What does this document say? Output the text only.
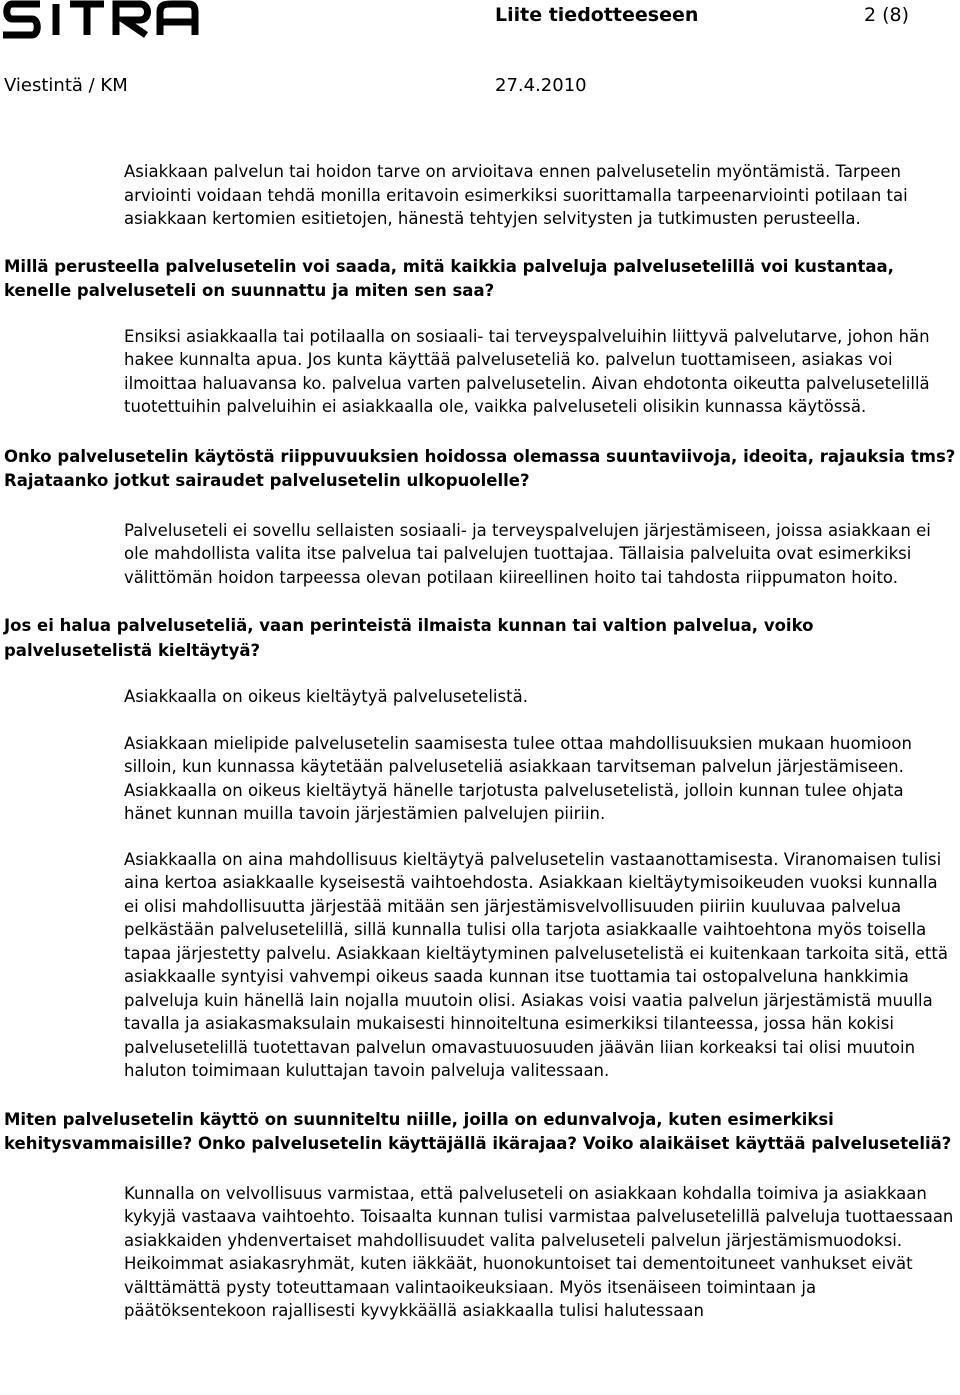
Liite tiedotteeseen	2 (8)
Viestintä / KM	27.4.2010

Asiakkaan palvelun tai hoidon tarve on arvioitava ennen palvelusetelin myöntämistä. Tarpeen arviointi voidaan tehdä monilla eritavoin esimerkiksi suorittamalla tarpeenarviointi potilaan tai asiakkaan kertomien esitietojen, hänestä tehtyjen selvitysten ja tutkimusten perusteella.

Millä perusteella palvelusetelin voi saada, mitä kaikkia palveluja palvelusetelillä voi kustantaa, kenelle palveluseteli on suunnattu ja miten sen saa?

Ensiksi asiakkaalla tai potilaalla on sosiaali- tai terveyspalveluihin liittyvä palvelutarve, johon hän hakee kunnalta apua. Jos kunta käyttää palveluseteliä ko. palvelun tuottamiseen, asiakas voi ilmoittaa haluavansa ko. palvelua varten palvelusetelin. Aivan ehdotonta oikeutta palvelusetelillä tuotettuihin palveluihin ei asiakkaalla ole, vaikka palveluseteli olisikin kunnassa käytössä.

Onko palvelusetelin käytöstä riippuvuuksien hoidossa olemassa suuntaviivoja, ideoita, rajauksia tms? Rajataanko jotkut sairaudet palvelusetelin ulkopuolelle?

Palveluseteli ei sovellu sellaisten sosiaali- ja terveyspalvelujen järjestämiseen, joissa asiakkaan ei ole mahdollista valita itse palvelua tai palvelujen tuottajaa. Tällaisia palveluita ovat esimerkiksi välittömän hoidon tarpeessa olevan potilaan kiireellinen hoito tai tahdosta riippumaton hoito.

Jos ei halua palveluseteliä, vaan perinteistä ilmaista kunnan tai valtion palvelua, voiko palvelusetelistä kieltäytyä?

Asiakkaalla on oikeus kieltäytyä palvelusetelistä.

Asiakkaan mielipide palvelusetelin saamisesta tulee ottaa mahdollisuuksien mukaan huomioon silloin, kun kunnassa käytetään palveluseteliä asiakkaan tarvitseman palvelun järjestämiseen. Asiakkaalla on oikeus kieltäytyä hänelle tarjotusta palvelusetelistä, jolloin kunnan tulee ohjata hänet kunnan muilla tavoin järjestämien palvelujen piiriin.

Asiakkaalla on aina mahdollisuus kieltäytyä palvelusetelin vastaanottamisesta. Viranomaisen tulisi aina kertoa asiakkaalle kyseisestä vaihtoehdosta. Asiakkaan kieltäytymisoikeuden vuoksi kunnalla ei olisi mahdollisuutta järjestää mitään sen järjestämisvelvollisuuden piiriin kuuluvaa palvelua pelkästään palvelusetelillä, sillä kunnalla tulisi olla tarjota asiakkaalle vaihtoehtona myös toisella tapaa järjestetty palvelu. Asiakkaan kieltäytyminen palvelusetelistä ei kuitenkaan tarkoita sitä, että asiakkaalle syntyisi vahvempi oikeus saada kunnan itse tuottamia tai ostopalveluna hankkimia palveluja kuin hänellä lain nojalla muutoin olisi. Asiakas voisi vaatia palvelun järjestämistä muulla tavalla ja asiakasmaksulain mukaisesti hinnoiteltuna esimerkiksi tilanteessa, jossa hän kokisi palvelusetelillä tuotettavan palvelun omavastuuosuuden jäävän liian korkeaksi tai olisi muutoin haluton toimimaan kuluttajan tavoin palveluja valitessaan.

Miten palvelusetelin käyttö on suunniteltu niille, joilla on edunvalvoja, kuten esimerkiksi kehitysvammaisille? Onko palvelusetelin käyttäjällä ikärajaa? Voiko alaikäiset käyttää palveluseteliä?

Kunnalla on velvollisuus varmistaa, että palveluseteli on asiakkaan kohdalla toimiva ja asiakkaan kykyjä vastaava vaihtoehto. Toisaalta kunnan tulisi varmistaa palvelusetelillä palveluja tuottaessaan asiakkaiden yhdenvertaiset mahdollisuudet valita palveluseteli palvelun järjestämismuodoksi. Heikoimmat asiakasryhmät, kuten iäkkäät, huonokuntoiset tai dementoituneet vanhukset eivät välttämättä pysty toteuttamaan valintaoikeuksiaan. Myös itsenäiseen toimintaan ja päätöksentekoon rajallisesti kyvykkäällä asiakkaalla tulisi halutessaan
